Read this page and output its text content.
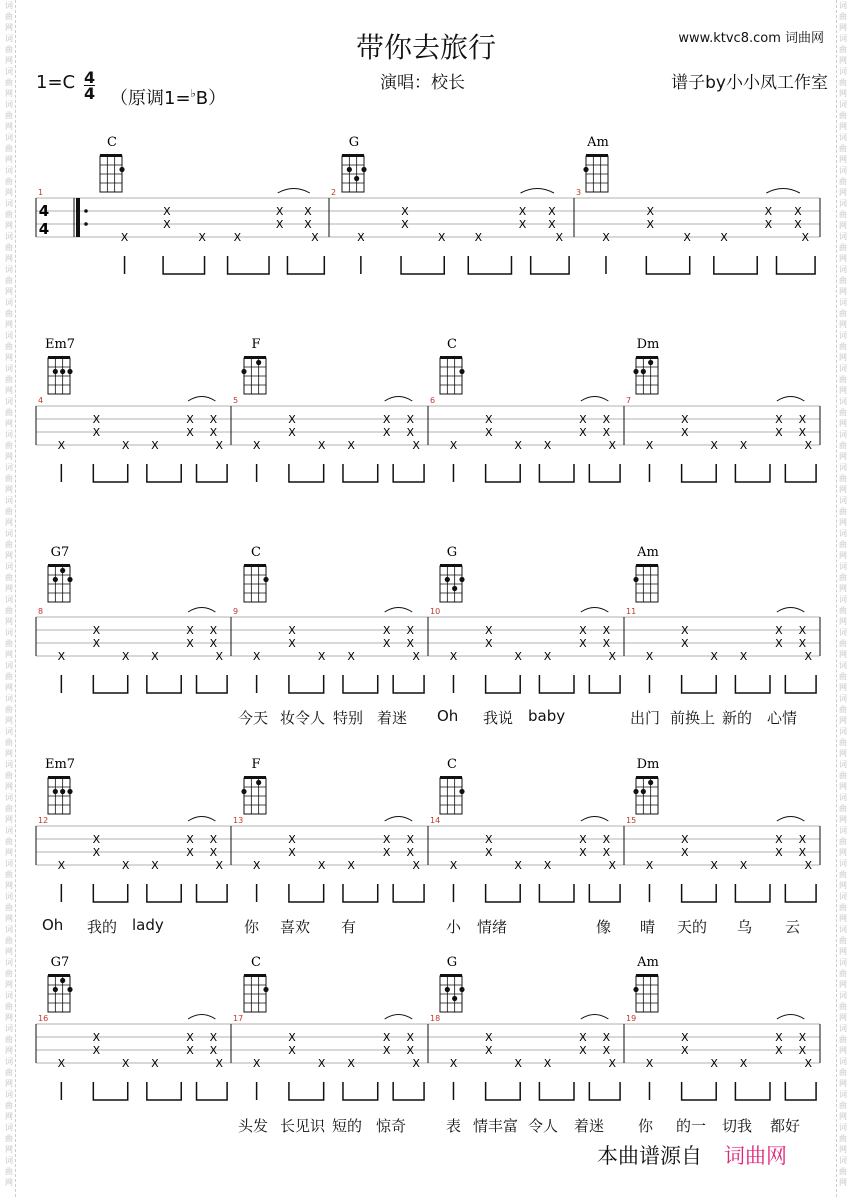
词
曲
网
词
曲
网
词
曲
网
词
曲
网
词
曲
网
词
曲
网
词
曲
网
词
曲
网
词
曲
网
词
曲
网
词
曲
网
词
曲
网
词
曲
网
词
曲
网
词
曲
网
词
曲
网
词
曲
网
词
曲
网
词
曲
网
词
曲
网
词
曲
网
词
曲
网
词
曲
网
词
曲
网
词
曲
网
词
曲
网
词
曲
网
词
曲
网
词
曲
网
词
曲
网
词
曲
网
词
曲
网
词
曲
网
词
曲
网
词
曲
网
词
曲
网
词
曲
网
词
曲
网
词
曲
网
词
曲
网
词
曲
网
词
曲
网
词
曲
网
词
曲
网
词
曲
网
词
曲
网
词
曲
网
词
曲
网
词
曲
网
词
曲
网
词
曲
网
词
曲
网
词
曲
网
词
曲
网
词
曲
网
词
曲
网
词
曲
网
词
曲
网
词
曲
网
词
曲
网
词
曲
网
词
曲
网
词
曲
网
词
曲
网
词
曲
网
词
曲
网
词
曲
网
词
曲
网
词
曲
网
词
曲
网
词
曲
网
词
曲
网
带你去旅行	www.ktvc8.com 词曲网
演唱：校长	谱子by小小凤工作室
1=C 4
4 （原调1=♭B）
4
4
1
X
X
X
X	X
X
X
X
X
X
C
2
X
X
X
X	X
X
X
X
X
X
G
3
X
X
X
X	X
X
X
X
X
X
Am
4
X
X
X
X X
X
X
X
X
X
Em7
5
X
X
X
X X
X
X
X
X
X
F
6
X
X
X
X X
X
X
X
X
X
C
7
X
X
X
X X
X
X
X
X
X
Dm
8
X
X
X
X X
X
X
X
X
X
G7
9
X
X
X
X X
X
X
X
X
X
C
10
X
X
X
X X
X
X
X
X
X
G
11
X
X
X
X X
X
X
X
X
X
Am
12
X
X
X
X X
X
X
X
X
X
Em7
13
X
X
X
X X
X
X
X
X
X
F
14
X
X
X
X X
X
X
X
X
X
C
15
X
X
X
X X
X
X
X
X
X
Dm
16
X
X
X
X X
X
X
X
X
X
G7
17
X
X
X
X X
X
X
X
X
X
C
18
X
X
X
X X
X
X
X
X
X
G
19
X
X
X
X X
X
X
X
X
X
Am
今天 妆令人 特别 着迷 Oh 我说 baby	出门 前换上 新的 心情
Oh 我的 lady	你 喜欢 有	小 情绪	像 晴 天的 乌 云
头发 长见识 短的 惊奇	表 情丰富 令人 着迷 你 的一 切我 都好
本曲谱源自 词曲网
